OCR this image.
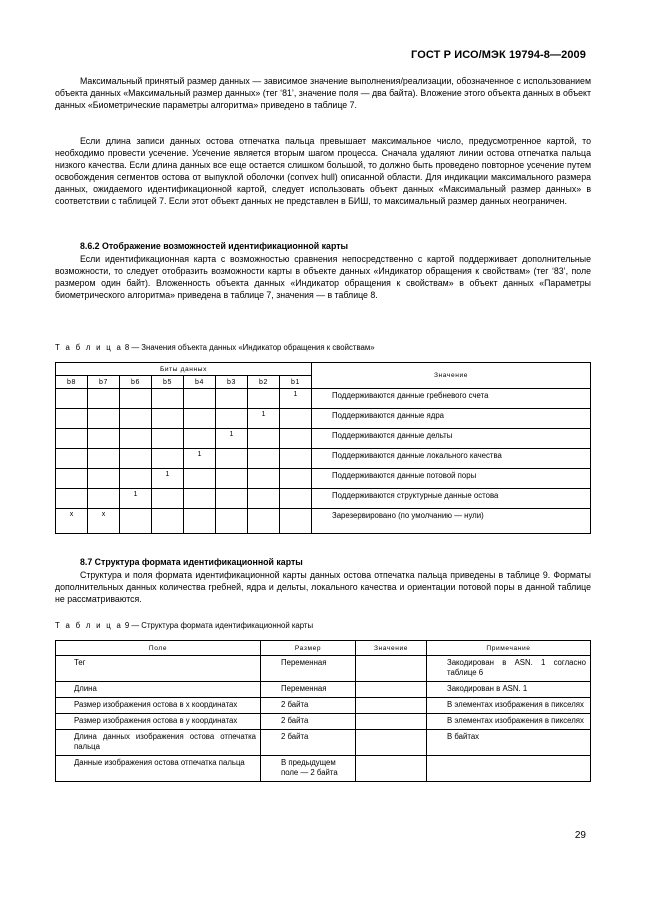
ГОСТ Р ИСО/МЭК 19794-8—2009

Максимальный принятый размер данных — зависимое значение выполнения/реализации, обозначенное с использованием объекта данных «Максимальный размер данных» (тег ‘81’, значение поля — два байта). Вложение этого объекта данных в объект данных «Биометрические параметры алгоритма» приведено в таблице 7.

Если длина записи данных остова отпечатка пальца превышает максимальное число, предусмотренное картой, то необходимо провести усечение. Усечение является вторым шагом процесса. Сначала удаляют линии остова отпечатка пальца низкого качества. Если длина данных все еще остается слишком большой, то должно быть проведено повторное усечение путем освобождения сегментов остова от выпуклой оболочки (convex hull) описанной области. Для индикации максимального размера данных, ожидаемого идентификационной картой, следует использовать объект данных «Максимальный размер данных» в соответствии с таблицей 7. Если этот объект данных не представлен в БИШ, то максимальный размер данных неограничен.

8.6.2 Отображение возможностей идентификационной карты

Если идентификационная карта с возможностью сравнения непосредственно с картой поддерживает дополнительные возможности, то следует отобразить возможности карты в объекте данных «Индикатор обращения к свойствам» (тег ‘83’, поле размером один байт). Вложенность объекта данных «Индикатор обращения к свойствам» в объект данных «Параметры биометрического алгоритма» приведена в таблице 7, значения — в таблице 8.

Т а б л и ц а 8 — Значения объекта данных «Индикатор обращения к свойствам»
Биты данных								Значение
b8	b7	b6	b5	b4	b3	b2	b1	
							1	Поддерживаются данные гребневого счета
						1		Поддерживаются данные ядра
					1			Поддерживаются данные дельты
				1				Поддерживаются данные локального качества
			1					Поддерживаются данные потовой поры
		1						Поддерживаются структурные данные остова
x	x							Зарезервировано (по умолчанию — нули)
8.7 Структура формата идентификационной карты

Структура и поля формата идентификационной карты данных остова отпечатка пальца приведены в таблице 9. Форматы дополнительных данных количества гребней, ядра и дельты, локального качества и ориентации потовой поры в данной таблице не рассматриваются.

Т а б л и ц а 9 — Структура формата идентификационной карты
Поле	Размер	Значение	Примечание
Тег	Переменная		Закодирован в ASN. 1 согласно таблице 6
Длина	Переменная		Закодирован в ASN. 1
Размер изображения остова в x координатах	2 байта		В элементах изображения в пикселях
Размер изображения остова в y координатах	2 байта		В элементах изображения в пикселях
Длина данных изображения остова отпечатка пальца	2 байта		В байтах
Данные изображения остова отпечатка пальца	В предыдущем поле — 2 байта		
29
